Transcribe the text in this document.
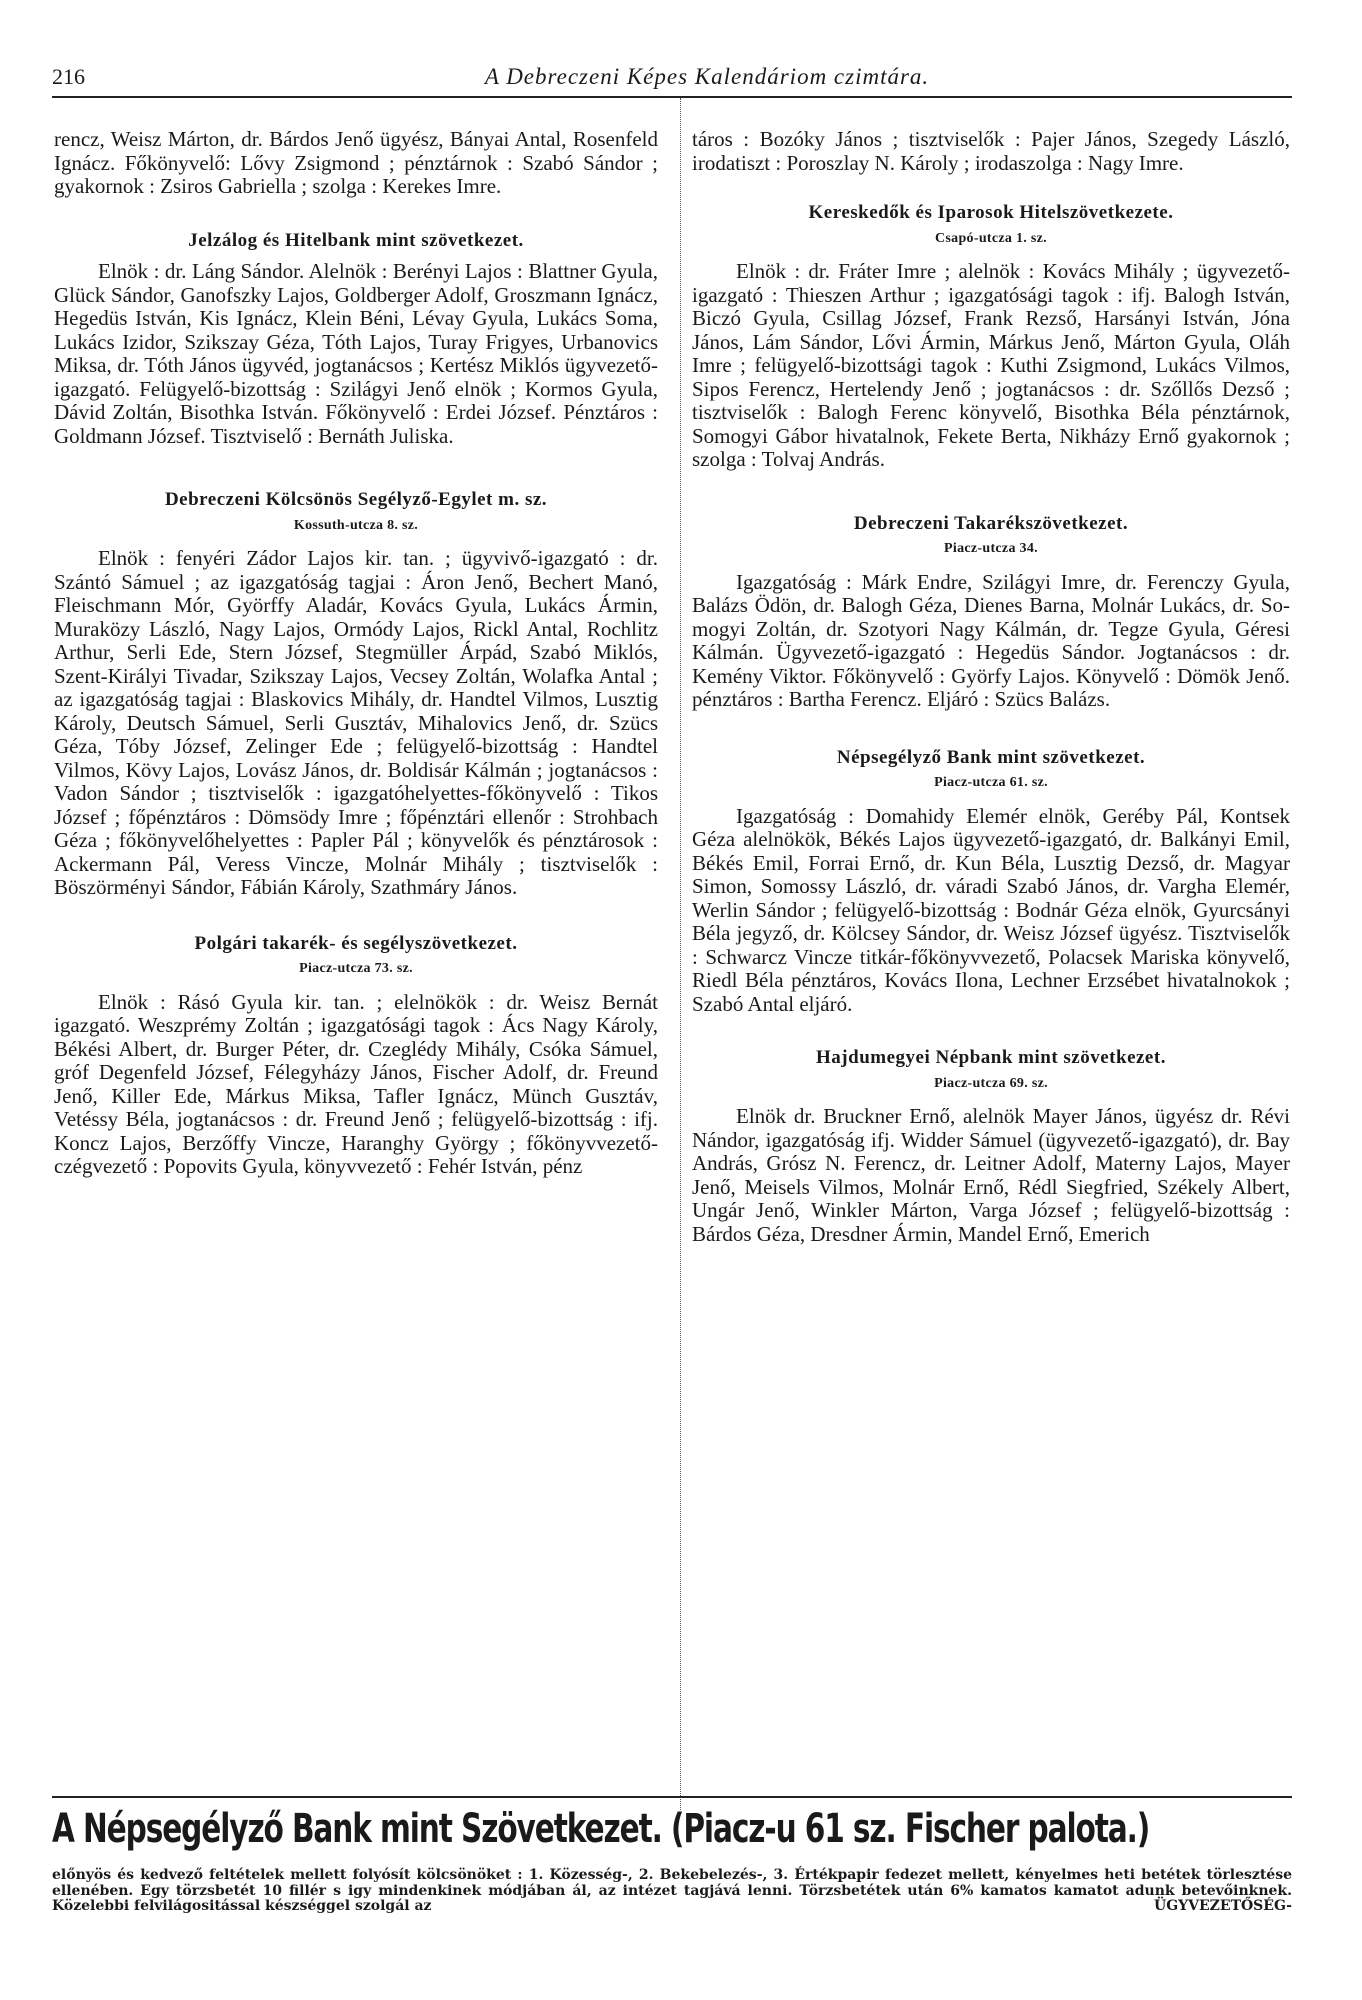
216	A Debreczeni Képes Kalendáriom czimtára.

rencz, Weisz Márton, dr. Bárdos Jenő ügyész, Bányai Antal, Rosenfeld Ignácz. Főkönyvelő: Lővy Zsigmond ; pénztárnok : Szabó Sándor ; gyakornok : Zsiros Gabriella ; szolga : Kerekes Imre.

Jelzálog és Hitelbank mint szövetkezet.

Elnök : dr. Láng Sándor. Alelnök : Berényi Lajos : Blattner Gyula, Glück Sándor, Ganofszky Lajos, Goldberger Adolf, Groszmann Ignácz, Hegedüs István, Kis Ignácz, Klein Béni, Lévay Gyula, Lukács Soma, Lukács Izidor, Szikszay Géza, Tóth Lajos, Turay Frigyes, Urbanovics Miksa, dr. Tóth János ügyvéd, jogtanácsos ; Kertész Miklós ügyvezető-igazgató. Felügyelő-bizottság : Szilágyi Jenő elnök ; Kormos Gyula, Dávid Zoltán, Bisothka István. Főkönyvelő : Erdei József. Pénztáros : Goldmann József. Tisztviselő : Bernáth Juliska.

Debreczeni Kölcsönös Segélyző-Egylet m. sz.

Kossuth-utcza 8. sz.

Elnök : fenyéri Zádor Lajos kir. tan. ; ügyvivő-igazgató : dr. Szántó Sámuel ; az igazgatóság tagjai : Áron Jenő, Bechert Manó, Fleischmann Mór, Györffy Aladár, Kovács Gyula, Lukács Ármin, Muraközy László, Nagy Lajos, Ormódy Lajos, Rickl Antal, Rochlitz Arthur, Serli Ede, Stern József, Stegmüller Árpád, Szabó Miklós, Szent-Királyi Tivadar, Szikszay Lajos, Vecsey Zoltán, Wolafka Antal ; az igazgatóság tagjai : Blaskovics Mihály, dr. Handtel Vilmos, Lusztig Károly, Deutsch Sámuel, Serli Gusztáv, Mihalovics Jenő, dr. Szücs Géza, Tóby József, Zelinger Ede ; felügyelő-bizottság : Handtel Vilmos, Kövy Lajos, Lovász János, dr. Boldisár Kálmán ; jogtanácsos : Vadon Sándor ; tisztviselők : igazgatóhelyettes-főkönyvelő : Tikos József ; főpénztáros : Dömsödy Imre ; főpénztári ellenőr : Strohbach Géza ; főkönyvelőhelyettes : Papler Pál ; könyvelők és pénztárosok : Ackermann Pál, Veress Vincze, Molnár Mihály ; tisztviselők : Böszörményi Sándor, Fábián Károly, Szathmáry János.

Polgári takarék- és segélyszövetkezet.

Piacz-utcza 73. sz.

Elnök : Rásó Gyula kir. tan. ; elelnökök : dr. Weisz Bernát igazgató. Weszprémy Zoltán ; igazgatósági tagok : Ács Nagy Károly, Békési Albert, dr. Burger Péter, dr. Czeglédy Mihály, Csóka Sámuel, gróf Degenfeld József, Félegyházy János, Fischer Adolf, dr. Freund Jenő, Killer Ede, Márkus Miksa, Tafler Ignácz, Münch Gusztáv, Vetéssy Béla, jogtanácsos : dr. Freund Jenő ; felügyelő-bizottság : ifj. Koncz Lajos, Berzőffy Vincze, Haranghy György ; főkönyvvezető-czégvezető : Popovits Gyula, könyvvezető : Fehér István, pénz

táros : Bozóky János ; tisztviselők : Pajer János, Szegedy László, irodatiszt : Poroszlay N. Károly ; irodaszolga : Nagy Imre.

Kereskedők és Iparosok Hitelszövetkezete.

Csapó-utcza 1. sz.

Elnök : dr. Fráter Imre ; alelnök : Kovács Mihály ; ügyvezető-igazgató : Thieszen Arthur ; igazgatósági tagok : ifj. Balogh István, Biczó Gyula, Csillag József, Frank Rezső, Harsányi István, Jóna János, Lám Sándor, Lővi Ármin, Márkus Jenő, Márton Gyula, Oláh Imre ; felügyelő-bizottsági tagok : Kuthi Zsigmond, Lukács Vilmos, Sipos Ferencz, Hertelendy Jenő ; jogtanácsos : dr. Szőllős Dezső ; tisztviselők : Balogh Ferenc könyvelő, Bisothka Béla pénztárnok, Somogyi Gábor hivatalnok, Fekete Berta, Nikházy Ernő gyakornok ; szolga : Tolvaj András.

Debreczeni Takarékszövetkezet.

Piacz-utcza 34.

Igazgatóság : Márk Endre, Szilágyi Imre, dr. Ferenczy Gyula, Balázs Ödön, dr. Balogh Géza, Dienes Barna, Molnár Lukács, dr. Somogyi Zoltán, dr. Szotyori Nagy Kálmán, dr. Tegze Gyula, Géresi Kálmán. Ügyvezető-igazgató : Hegedüs Sándor. Jogtanácsos : dr. Kemény Viktor. Főkönyvelő : Györfy Lajos. Könyvelő : Dömök Jenő. pénztáros : Bartha Ferencz. Eljáró : Szücs Balázs.

Népsegélyző Bank mint szövetkezet.

Piacz-utcza 61. sz.

Igazgatóság : Domahidy Elemér elnök, Geréby Pál, Kontsek Géza alelnökök, Békés Lajos ügyvezető-igazgató, dr. Balkányi Emil, Békés Emil, Forrai Ernő, dr. Kun Béla, Lusztig Dezső, dr. Magyar Simon, Somossy László, dr. váradi Szabó János, dr. Vargha Elemér, Werlin Sándor ; felügyelő-bizottság : Bodnár Géza elnök, Gyurcsányi Béla jegyző, dr. Kölcsey Sándor, dr. Weisz József ügyész. Tisztviselők : Schwarcz Vincze titkár-főkönyvvezető, Polacsek Mariska könyvelő, Riedl Béla pénztáros, Kovács Ilona, Lechner Erzsébet hivatalnokok ; Szabó Antal eljáró.

Hajdumegyei Népbank mint szövetkezet.

Piacz-utcza 69. sz.

Elnök dr. Bruckner Ernő, alelnök Mayer János, ügyész dr. Révi Nándor, igazgatóság ifj. Widder Sámuel (ügyvezető-igazgató), dr. Bay András, Grósz N. Ferencz, dr. Leitner Adolf, Materny Lajos, Mayer Jenő, Meisels Vilmos, Molnár Ernő, Rédl Siegfried, Székely Albert, Ungár Jenő, Winkler Márton, Varga József ; felügyelő-bizottság : Bárdos Géza, Dresdner Ármin, Mandel Ernő, Emerich

A Népsegélyző Bank mint Szövetkezet. (Piacz-u 61 sz. Fischer palota.)
előnyös és kedvező feltételek mellett folyósít kölcsönöket : 1. Közesség-, 2. Bekebelezés-, 3. Értékpapir fedezet mellett, kényelmes heti betétek törlesztése ellenében. Egy törzsbetét 10 fillér s igy mindenkinek módjában ál, az intézet tagjává lenni. Törzsbetétek után 6% kamatos kamatot adunk betevőinknek. Közelebbi felvilágositással készséggel szolgál az	ÜGYVEZETŐSÉG-
